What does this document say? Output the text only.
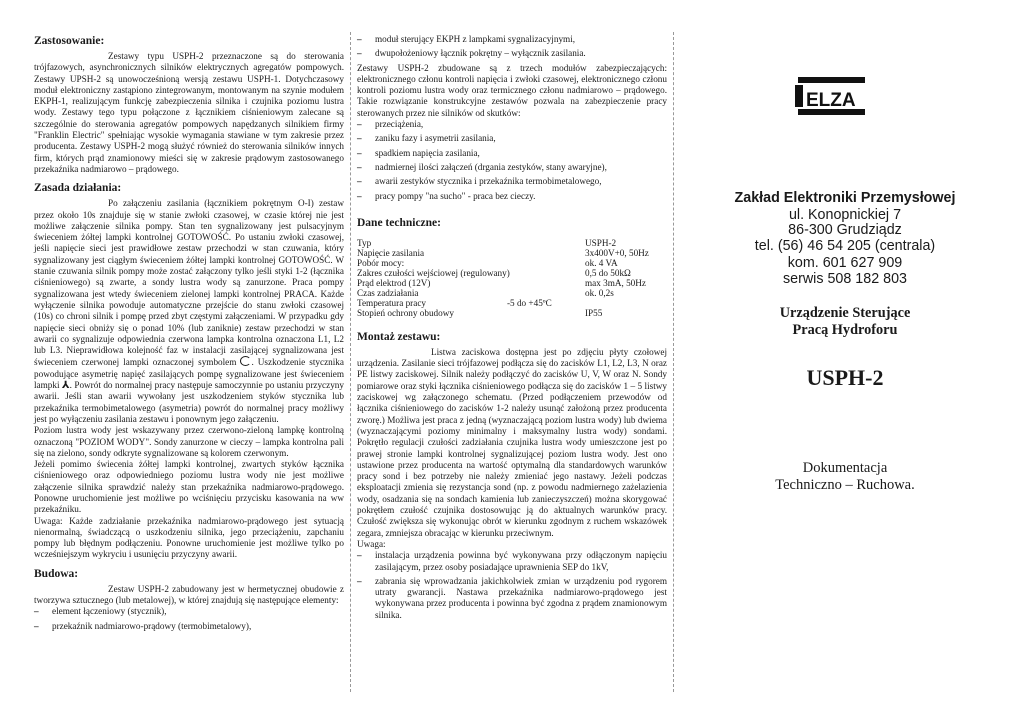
Zastosowanie:

Zestawy typu USPH-2 przeznaczone są do sterowania trójfazowych, asynchronicznych silników elektrycznych agregatów pompowych. Zestawy UPSH-2 są unowocześnioną wersją zestawu USPH-1. Dotychczasowy moduł elektroniczny zastąpiono zintegrowanym, montowanym na szynie modułem EKPH-1, realizującym funkcję zabezpieczenia silnika i czujnika poziomu lustra wody. Zestawy tego typu połączone z łącznikiem ciśnieniowym zalecane są szczególnie do sterowania agregatów pompowych napędzanych silnikiem firmy "Franklin Electric" spełniając wysokie wymagania stawiane w tym zakresie przez producenta. Zestawy USPH-2 mogą służyć również do sterowania silników innych firm, których prąd znamionowy mieści się w zakresie prądowym zastosowanego przekaźnika nadmiarowo – prądowego.

Zasada działania:

Po załączeniu zasilania (łącznikiem pokrętnym O-I) zestaw przez około 10s znajduje się w stanie zwłoki czasowej, w czasie której nie jest możliwe załączenie silnika pompy. Stan ten sygnalizowany jest pulsacyjnym świeceniem żółtej lampki kontrolnej GOTOWOŚĆ. Po ustaniu zwłoki czasowej, jeśli napięcie sieci jest prawidłowe zestaw przechodzi w stan czuwania, który sygnalizowany jest ciągłym świeceniem żółtej lampki kontrolnej GOTOWOŚĆ. W stanie czuwania silnik pompy może zostać załączony tylko jeśli styki 1-2 (łącznika ciśnieniowego) są zwarte, a sondy lustra wody są zanurzone. Praca pompy sygnalizowana jest wtedy świeceniem zielonej lampki kontrolnej PRACA. Każde wyłączenie silnika powoduje automatyczne przejście do stanu zwłoki czasowej (10s) co chroni silnik i pompę przed zbyt częstymi załączeniami. W przypadku gdy napięcie sieci obniży się o ponad 10% (lub zaniknie) zestaw przechodzi w stan awarii co sygnalizuje odpowiednia czerwona lampka kontrolna oznaczona L1, L2 lub L3. Nieprawidłowa kolejność faz w instalacji zasilającej sygnalizowana jest świeceniem czerwonej lampki oznaczonej symbolem . Uszkodzenie stycznika powodujące asymetrię napięć zasilających pompę sygnalizowane jest świeceniem lampki ⅄. Powrót do normalnej pracy następuje samoczynnie po ustaniu przyczyny awarii. Jeśli stan awarii wywołany jest uszkodzeniem styków stycznika lub przekaźnika termobimetalowego (asymetria) powrót do normalnej pracy możliwy jest po wyłączeniu zasilania zestawu i ponownym jego załączeniu.

Poziom lustra wody jest wskazywany przez czerwono-zieloną lampkę kontrolną oznaczoną "POZIOM WODY". Sondy zanurzone w cieczy – lampka kontrolna pali się na zielono, sondy odkryte sygnalizowane są kolorem czerwonym.

Jeżeli pomimo świecenia żółtej lampki kontrolnej, zwartych styków łącznika ciśnieniowego oraz odpowiedniego poziomu lustra wody nie jest możliwe załączenie silnika sprawdzić należy stan przekaźnika nadmiarowo-prądowego. Ponowne uruchomienie jest możliwe po wciśnięciu przycisku kasowania na ww przekaźniku.

Uwaga: Każde zadziałanie przekaźnika nadmiarowo-prądowego jest sytuacją nienormalną, świadczącą o uszkodzeniu silnika, jego przeciążeniu, zapchaniu pompy lub błędnym podłączeniu. Ponowne uruchomienie jest możliwe tylko po wcześniejszym wykryciu i usunięciu przyczyny awarii.

Budowa:

Zestaw USPH-2 zabudowany jest w hermetycznej obudowie z tworzywa sztucznego (lub metalowej), w której znajdują się następujące elementy:

– element łączeniowy (stycznik),
– przekaźnik nadmiarowo-prądowy (termobimetalowy),
– moduł sterujący EKPH z lampkami sygnalizacyjnymi,
– dwupołożeniowy łącznik pokrętny – wyłącznik zasilania.

Zestawy USPH-2 zbudowane są z trzech modułów zabezpieczających: elektronicznego członu kontroli napięcia i zwłoki czasowej, elektronicznego członu kontroli poziomu lustra wody oraz termicznego członu nadmiarowo – prądowego. Takie rozwiązanie konstrukcyjne zestawów pozwala na zabezpieczenie pracy sterowanych przez nie silników od skutków:

– przeciążenia,
– zaniku fazy i asymetrii zasilania,
– spadkiem napięcia zasilania,
– nadmiernej ilości załączeń (drgania zestyków, stany awaryjne),
– awarii zestyków stycznika i przekaźnika termobimetalowego,
– pracy pompy "na sucho" - praca bez cieczy.
Dane techniczne:
Typ		USPH-2
Napięcie zasilania		3x400V+0, 50Hz
Pobór mocy:		ok. 4 VA
Zakres czułości wejściowej (regulowany)		0,5 do 50kΩ
Prąd elektrod (12V)		max 3mA, 50Hz
Czas zadziałania		ok. 0,2s
Temperatura pracy	-5 do +45ºC	
Stopień ochrony obudowy		IP55
Montaż zestawu:

Listwa zaciskowa dostępna jest po zdjęciu płyty czołowej urządzenia. Zasilanie sieci trójfazowej podłącza się do zacisków L1, L2, L3, N oraz PE listwy zaciskowej. Silnik należy podłączyć do zacisków U, V, W oraz N. Sondy pomiarowe oraz styki łącznika ciśnieniowego podłącza się do zacisków 1 – 5 listwy zaciskowej wg załączonego schematu. (Przed podłączeniem przewodów od łącznika ciśnieniowego do zacisków 1-2 należy usunąć założoną przez producenta zworę.) Możliwa jest praca z jedną (wyznaczającą poziom lustra wody) lub dwiema (wyznaczającymi poziomy minimalny i maksymalny lustra wody) sondami. Pokrętło regulacji czułości zadziałania czujnika lustra wody umieszczone jest po prawej stronie lampki kontrolnej sygnalizującej poziom lustra wody. Jest ono ustawione przez producenta na wartość optymalną dla standardowych warunków pracy sond i bez potrzeby nie należy zmieniać jego nastawy. Jeżeli podczas eksploatacji zmienia się rezystancja sond (np. z powodu nadmiernego zażelazienia wody, osadzania się na sondach kamienia lub zanieczyszczeń) można skorygować pokrętłem czułość czujnika dostosowując ją do aktualnych warunków pracy. Czułość zwiększa się wykonując obrót w kierunku zgodnym z ruchem wskazówek zegara, zmniejsza obracając w kierunku przeciwnym.

Uwaga:

– instalacja urządzenia powinna być wykonywana przy odłączonym napięciu zasilającym, przez osoby posiadające uprawnienia SEP do 1kV,
– zabrania się wprowadzania jakichkolwiek zmian w urządzeniu pod rygorem utraty gwarancji. Nastawa przekaźnika nadmiarowo-prądowego jest wykonywana przez producenta i powinna być zgodna z prądem znamionowym silnika.
ELZA
Zakład Elektroniki Przemysłowej
ul. Konopnickiej 7
86-300 Grudziądz
tel. (56) 46 54 205 (centrala)
kom. 601 627 909
serwis 508 182 803
Urządzenie Sterujące
Pracą Hydroforu
USPH-2
Dokumentacja
Techniczno – Ruchowa.
